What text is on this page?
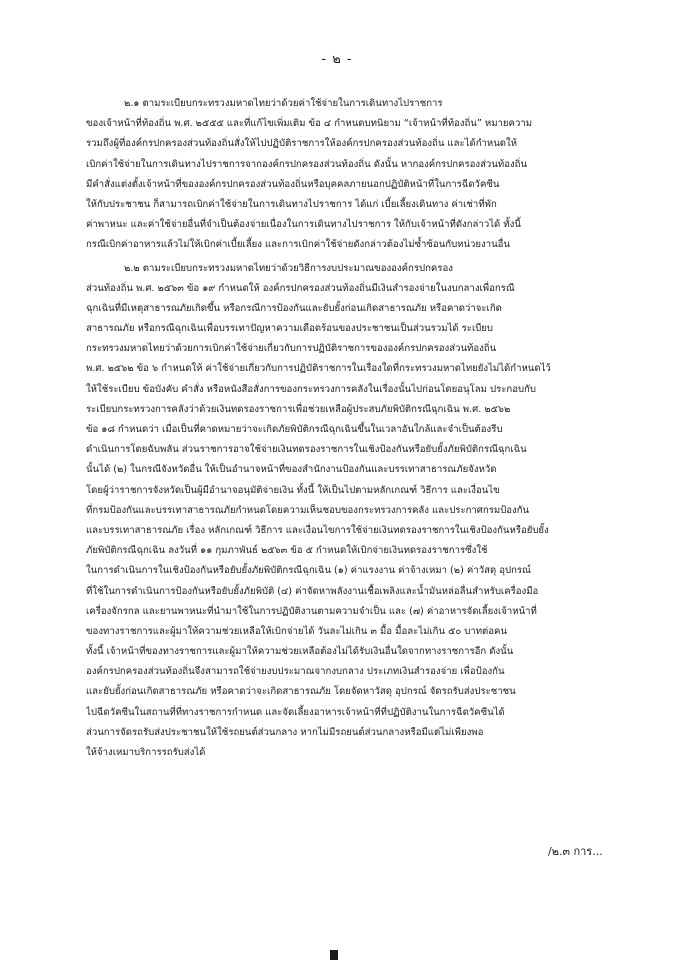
- ๒ -
๒.๑ ตามระเบียบกระทรวงมหาดไทยว่าด้วยค่าใช้จ่ายในการเดินทางไปราชการ
ของเจ้าหน้าที่ท้องถิ่น พ.ศ. ๒๕๕๕ และที่แก้ไขเพิ่มเติม ข้อ ๔ กำหนดบทนิยาม “เจ้าหน้าที่ท้องถิ่น” หมายความ
รวมถึงผู้ที่องค์กรปกครองส่วนท้องถิ่นสั่งให้ไปปฏิบัติราชการให้องค์กรปกครองส่วนท้องถิ่น และได้กำหนดให้
เบิกค่าใช้จ่ายในการเดินทางไปราชการจากองค์กรปกครองส่วนท้องถิ่น ดังนั้น หากองค์กรปกครองส่วนท้องถิ่น
มีคำสั่งแต่งตั้งเจ้าหน้าที่ขององค์กรปกครองส่วนท้องถิ่นหรือบุคคลภายนอกปฏิบัติหน้าที่ในการฉีดวัคซีน
ให้กับประชาชน ก็สามารถเบิกค่าใช้จ่ายในการเดินทางไปราชการ ได้แก่ เบี้ยเลี้ยงเดินทาง ค่าเช่าที่พัก
ค่าพาหนะ และค่าใช้จ่ายอื่นที่จำเป็นต้องจ่ายเนื่องในการเดินทางไปราชการ ให้กับเจ้าหน้าที่ดังกล่าวได้ ทั้งนี้
กรณีเบิกค่าอาหารแล้วไม่ให้เบิกค่าเบี้ยเลี้ยง และการเบิกค่าใช้จ่ายดังกล่าวต้องไม่ซ้ำซ้อนกับหน่วยงานอื่น
๒.๒ ตามระเบียบกระทรวงมหาดไทยว่าด้วยวิธีการงบประมาณขององค์กรปกครอง
ส่วนท้องถิ่น พ.ศ. ๒๕๖๓ ข้อ ๑๙ กำหนดให้ องค์กรปกครองส่วนท้องถิ่นมีเงินสำรองจ่ายในงบกลางเพื่อกรณี
ฉุกเฉินที่มีเหตุสาธารณภัยเกิดขึ้น หรือกรณีการป้องกันและยับยั้งก่อนเกิดสาธารณภัย หรือคาดว่าจะเกิด
สาธารณภัย หรือกรณีฉุกเฉินเพื่อบรรเทาปัญหาความเดือดร้อนของประชาชนเป็นส่วนรวมได้ ระเบียบ
กระทรวงมหาดไทยว่าด้วยการเบิกค่าใช้จ่ายเกี่ยวกับการปฏิบัติราชการขององค์กรปกครองส่วนท้องถิ่น
พ.ศ. ๒๕๖๒ ข้อ ๖ กำหนดให้ ค่าใช้จ่ายเกี่ยวกับการปฏิบัติราชการในเรื่องใดที่กระทรวงมหาดไทยยังไม่ได้กำหนดไว้
ให้ใช้ระเบียบ ข้อบังคับ คำสั่ง หรือหนังสือสั่งการของกระทรวงการคลังในเรื่องนั้นไปก่อนโดยอนุโลม ประกอบกับ
ระเบียบกระทรวงการคลังว่าด้วยเงินทดรองราชการเพื่อช่วยเหลือผู้ประสบภัยพิบัติกรณีฉุกเฉิน พ.ศ. ๒๕๖๒
ข้อ ๑๘ กำหนดว่า เมื่อเป็นที่คาดหมายว่าจะเกิดภัยพิบัติกรณีฉุกเฉินขึ้นในเวลาอันใกล้และจำเป็นต้องรีบ
ดำเนินการโดยฉับพลัน ส่วนราชการอาจใช้จ่ายเงินทดรองราชการในเชิงป้องกันหรือยับยั้งภัยพิบัติกรณีฉุกเฉิน
นั้นได้ (๒) ในกรณีจังหวัดอื่น ให้เป็นอำนาจหน้าที่ของสำนักงานป้องกันและบรรเทาสาธารณภัยจังหวัด
โดยผู้ว่าราชการจังหวัดเป็นผู้มีอำนาจอนุมัติจ่ายเงิน ทั้งนี้ ให้เป็นไปตามหลักเกณฑ์ วิธีการ และเงื่อนไข
ที่กรมป้องกันและบรรเทาสาธารณภัยกำหนดโดยความเห็นชอบของกระทรวงการคลัง และประกาศกรมป้องกัน
และบรรเทาสาธารณภัย เรื่อง หลักเกณฑ์ วิธีการ และเงื่อนไขการใช้จ่ายเงินทดรองราชการในเชิงป้องกันหรือยับยั้ง
ภัยพิบัติกรณีฉุกเฉิน ลงวันที่ ๑๑ กุมภาพันธ์ ๒๕๖๓ ข้อ ๕ กำหนดให้เบิกจ่ายเงินทดรองราชการซึ่งใช้
ในการดำเนินการในเชิงป้องกันหรือยับยั้งภัยพิบัติกรณีฉุกเฉิน (๑) ค่าแรงงาน ค่าจ้างเหมา (๒) ค่าวัสดุ อุปกรณ์
ที่ใช้ในการดำเนินการป้องกันหรือยับยั้งภัยพิบัติ (๔) ค่าจัดหาพลังงานเชื้อเพลิงและน้ำมันหล่อลื่นสำหรับเครื่องมือ
เครื่องจักรกล และยานพาหนะที่นำมาใช้ในการปฏิบัติงานตามความจำเป็น และ (๗) ค่าอาหารจัดเลี้ยงเจ้าหน้าที่
ของทางราชการและผู้มาให้ความช่วยเหลือให้เบิกจ่ายได้ วันละไม่เกิน ๓ มื้อ มื้อละไม่เกิน ๕๐ บาทต่อคน
ทั้งนี้ เจ้าหน้าที่ของทางราชการและผู้มาให้ความช่วยเหลือต้องไม่ได้รับเงินอื่นใดจากทางราชการอีก ดังนั้น
องค์กรปกครองส่วนท้องถิ่นจึงสามารถใช้จ่ายงบประมาณจากงบกลาง ประเภทเงินสำรองจ่าย เพื่อป้องกัน
และยับยั้งก่อนเกิดสาธารณภัย หรือคาดว่าจะเกิดสาธารณภัย โดยจัดหาวัสดุ อุปกรณ์ จัดรถรับส่งประชาชน
ไปฉีดวัคซีนในสถานที่ที่ทางราชการกำหนด และจัดเลี้ยงอาหารเจ้าหน้าที่ที่ปฏิบัติงานในการฉีดวัคซีนได้
ส่วนการจัดรถรับส่งประชาชนให้ใช้รถยนต์ส่วนกลาง หากไม่มีรถยนต์ส่วนกลางหรือมีแต่ไม่เพียงพอ
ให้จ้างเหมาบริการรถรับส่งได้
/๒.๓ การ...
